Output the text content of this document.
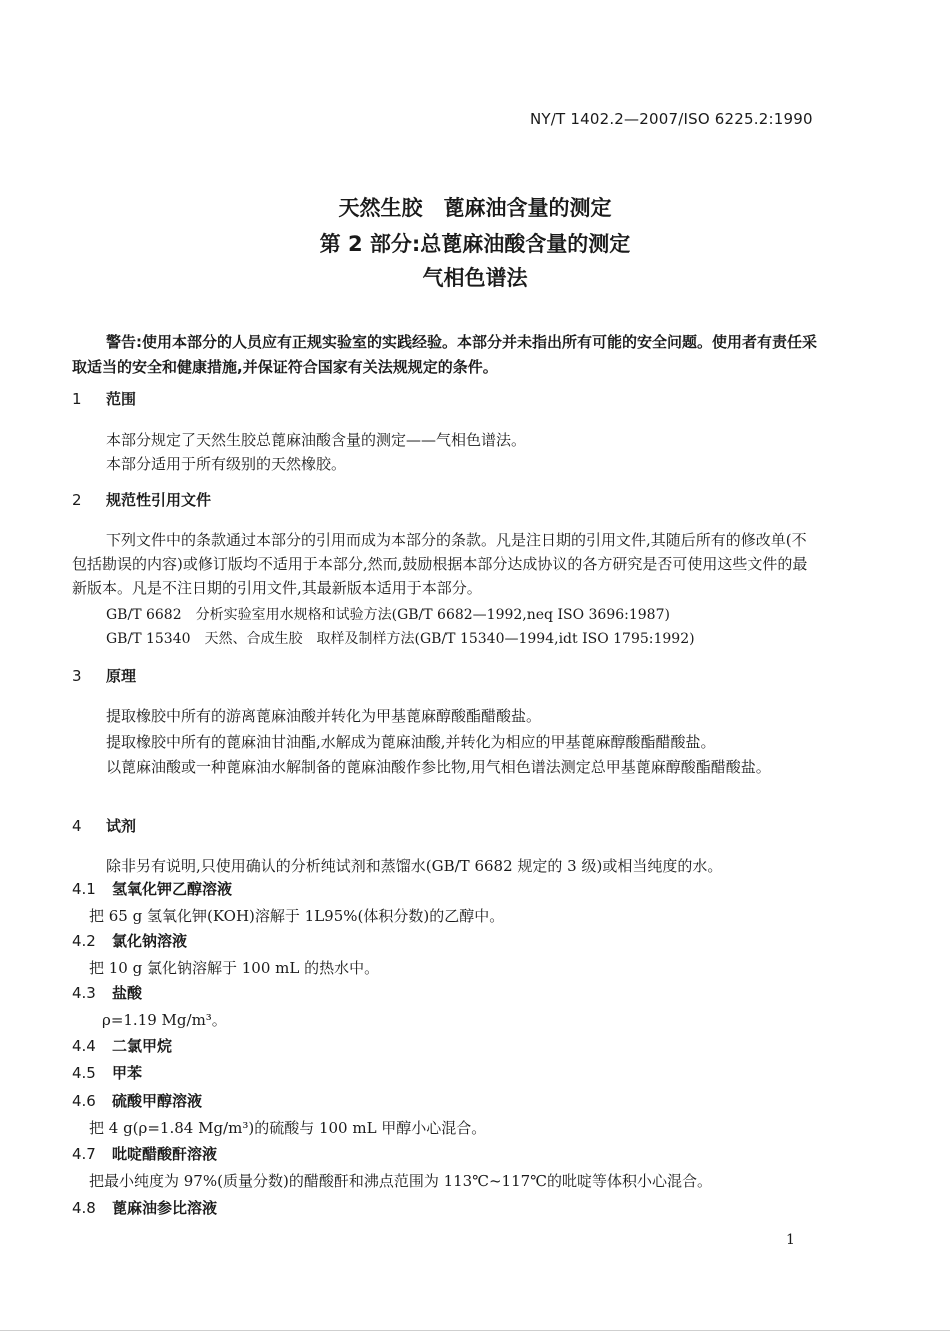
NY/T 1402.2—2007/ISO 6225.2:1990
天然生胶　蓖麻油含量的测定
第 2 部分:总蓖麻油酸含量的测定
气相色谱法
警告:使用本部分的人员应有正规实验室的实践经验。本部分并未指出所有可能的安全问题。使用者有责任采取适当的安全和健康措施,并保证符合国家有关法规规定的条件。
1 范围
本部分规定了天然生胶总蓖麻油酸含量的测定——气相色谱法。
本部分适用于所有级别的天然橡胶。
2 规范性引用文件
下列文件中的条款通过本部分的引用而成为本部分的条款。凡是注日期的引用文件,其随后所有的修改单(不包括勘误的内容)或修订版均不适用于本部分,然而,鼓励根据本部分达成协议的各方研究是否可使用这些文件的最新版本。凡是不注日期的引用文件,其最新版本适用于本部分。
GB/T 6682　分析实验室用水规格和试验方法(GB/T 6682—1992,neq ISO 3696:1987)
GB/T 15340　天然、合成生胶　取样及制样方法(GB/T 15340—1994,idt ISO 1795:1992)
3 原理
提取橡胶中所有的游离蓖麻油酸并转化为甲基蓖麻醇酸酯醋酸盐。
提取橡胶中所有的蓖麻油甘油酯,水解成为蓖麻油酸,并转化为相应的甲基蓖麻醇酸酯醋酸盐。
以蓖麻油酸或一种蓖麻油水解制备的蓖麻油酸作参比物,用气相色谱法测定总甲基蓖麻醇酸酯醋酸盐。
4 试剂
除非另有说明,只使用确认的分析纯试剂和蒸馏水(GB/T 6682 规定的 3 级)或相当纯度的水。
4.1 氢氧化钾乙醇溶液
把 65 g 氢氧化钾(KOH)溶解于 1L95%(体积分数)的乙醇中。
4.2 氯化钠溶液
把 10 g 氯化钠溶解于 100 mL 的热水中。
4.3 盐酸
ρ=1.19 Mg/m³。
4.4 二氯甲烷
4.5 甲苯
4.6 硫酸甲醇溶液
把 4 g(ρ=1.84 Mg/m³)的硫酸与 100 mL 甲醇小心混合。
4.7 吡啶醋酸酐溶液
把最小纯度为 97%(质量分数)的醋酸酐和沸点范围为 113℃~117℃的吡啶等体积小心混合。
4.8 蓖麻油参比溶液
1
